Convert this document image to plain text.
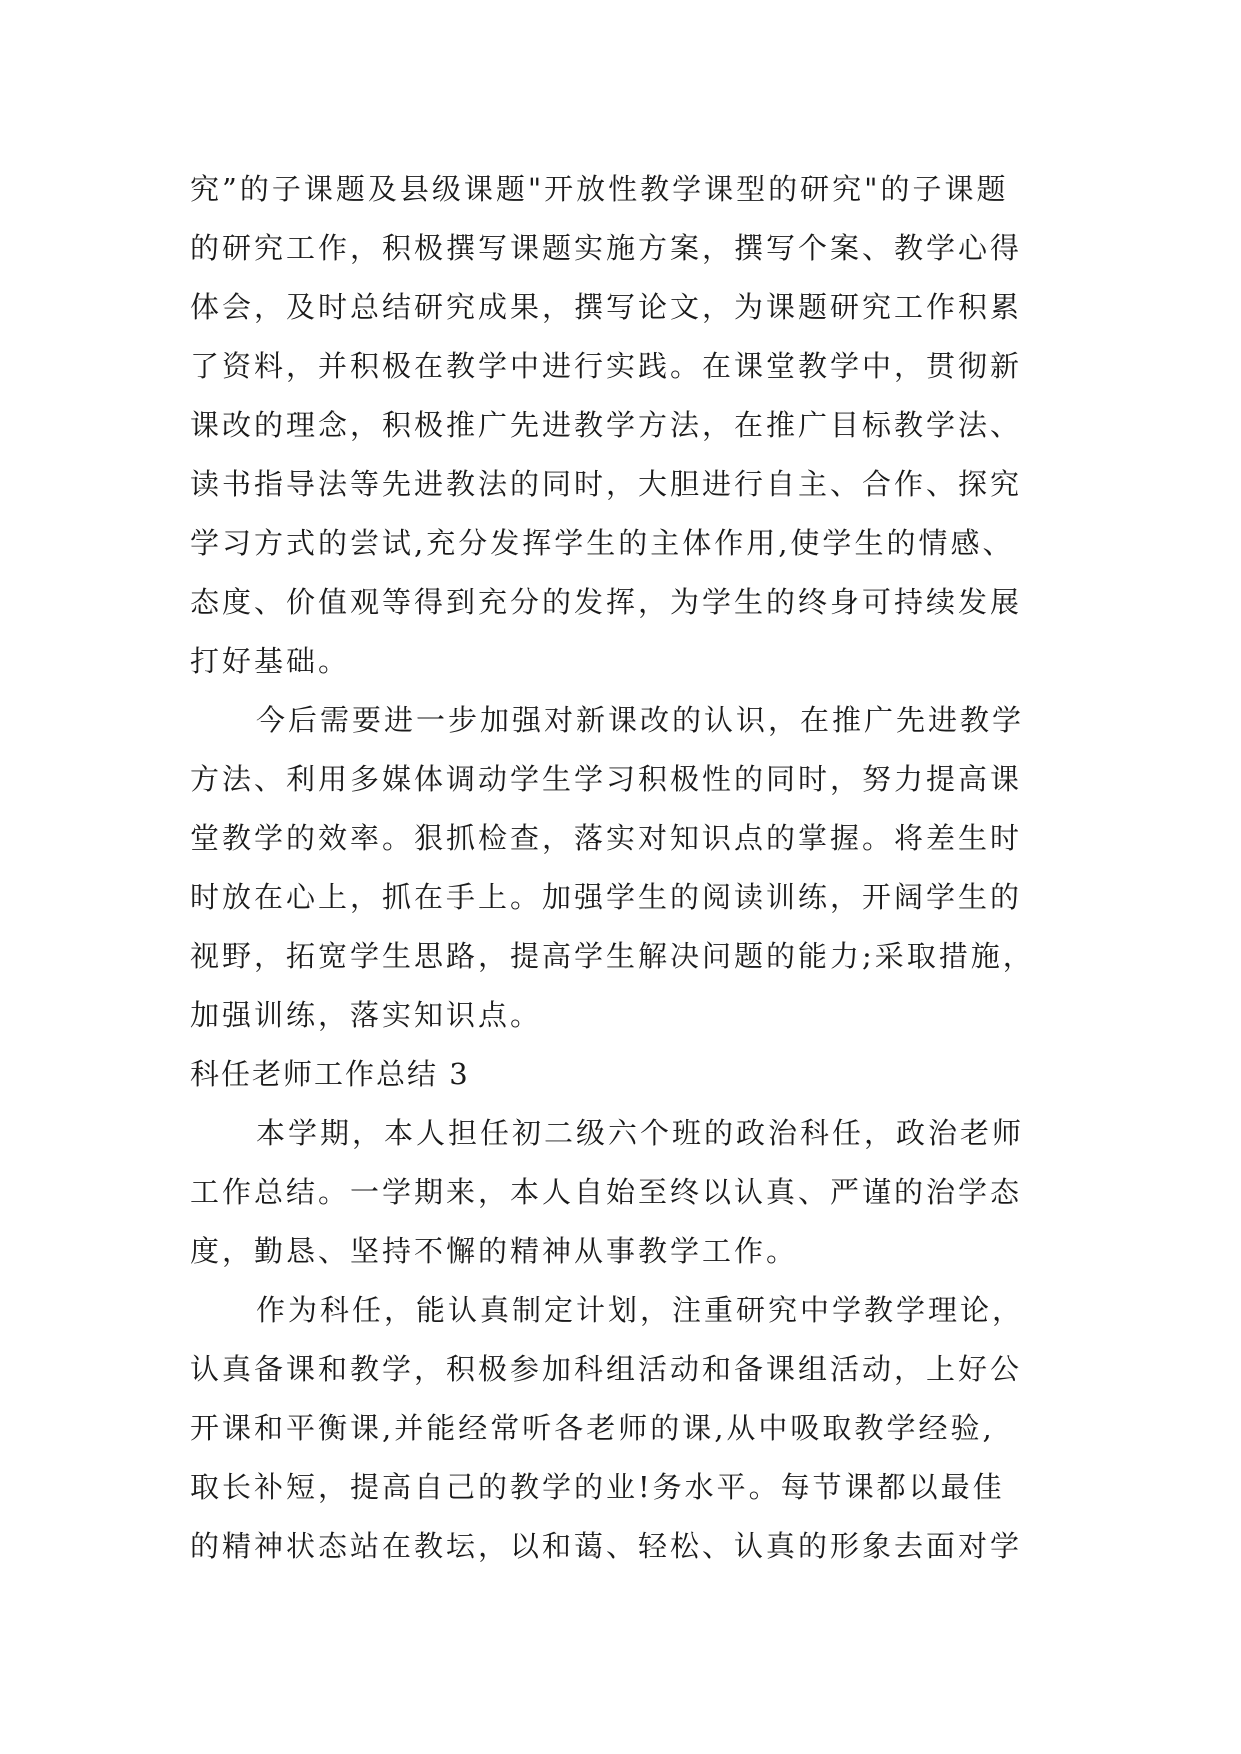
究”的子课题及县级课题"开放性教学课型的研究"的子课题
的研究工作，积极撰写课题实施方案，撰写个案、教学心得
体会，及时总结研究成果，撰写论文，为课题研究工作积累
了资料，并积极在教学中进行实践。在课堂教学中，贯彻新
课改的理念，积极推广先进教学方法，在推广目标教学法、
读书指导法等先进教法的同时，大胆进行自主、合作、探究
学习方式的尝试,充分发挥学生的主体作用,使学生的情感、
态度、价值观等得到充分的发挥，为学生的终身可持续发展
打好基础。
今后需要进一步加强对新课改的认识，在推广先进教学
方法、利用多媒体调动学生学习积极性的同时，努力提高课
堂教学的效率。狠抓检查，落实对知识点的掌握。将差生时
时放在心上，抓在手上。加强学生的阅读训练，开阔学生的
视野，拓宽学生思路，提高学生解决问题的能力;采取措施，
加强训练，落实知识点。
科任老师工作总结 3
本学期，本人担任初二级六个班的政治科任，政治老师
工作总结。一学期来，本人自始至终以认真、严谨的治学态
度，勤恳、坚持不懈的精神从事教学工作。
作为科任，能认真制定计划，注重研究中学教学理论，
认真备课和教学，积极参加科组活动和备课组活动，上好公
开课和平衡课,并能经常听各老师的课,从中吸取教学经验,
取长补短，提高自己的教学的业!务水平。每节课都以最佳
的精神状态站在教坛，以和蔼、轻松、认真的形象去面对学
